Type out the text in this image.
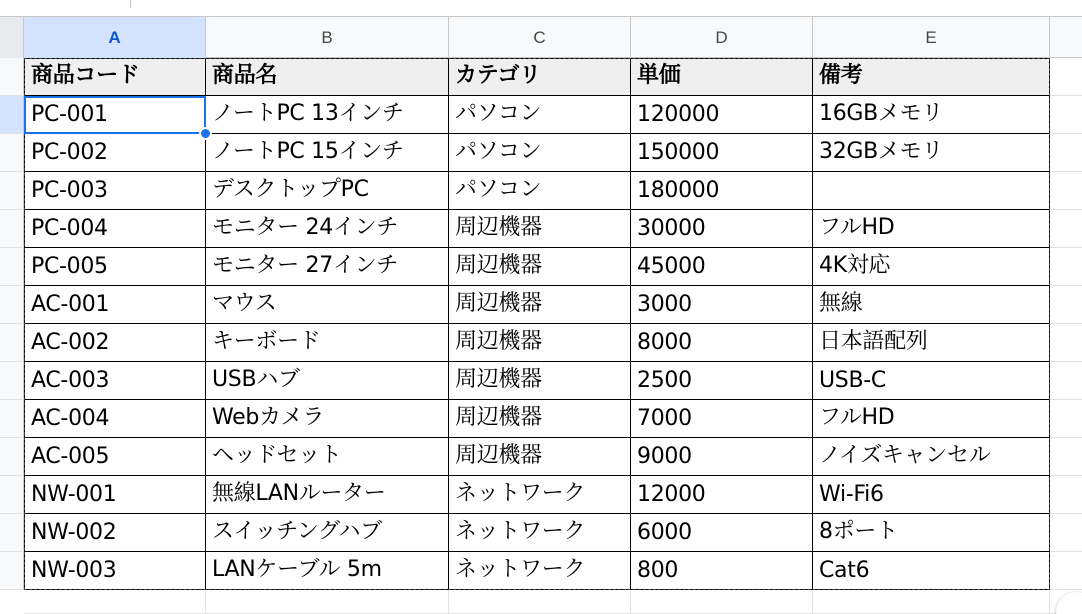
A	B	C	D	E
商品コード	商品名	カテゴリ	単価	備考
PC-001	ノートPC 13インチ	パソコン	120000	16GBメモリ
PC-002	ノートPC 15インチ	パソコン	150000	32GBメモリ
PC-003	デスクトップPC	パソコン	180000
PC-004	モニター 24インチ	周辺機器	30000	フルHD
PC-005	モニター 27インチ	周辺機器	45000	4K対応
AC-001	マウス	周辺機器	3000	無線
AC-002	キーボード	周辺機器	8000	日本語配列
AC-003	USBハブ	周辺機器	2500	USB-C
AC-004	Webカメラ	周辺機器	7000	フルHD
AC-005	ヘッドセット	周辺機器	9000	ノイズキャンセル
NW-001	無線LANルーター	ネットワーク	12000	Wi-Fi6
NW-002	スイッチングハブ	ネットワーク	6000	8ポート
NW-003	LANケーブル 5m	ネットワーク	800	Cat6
